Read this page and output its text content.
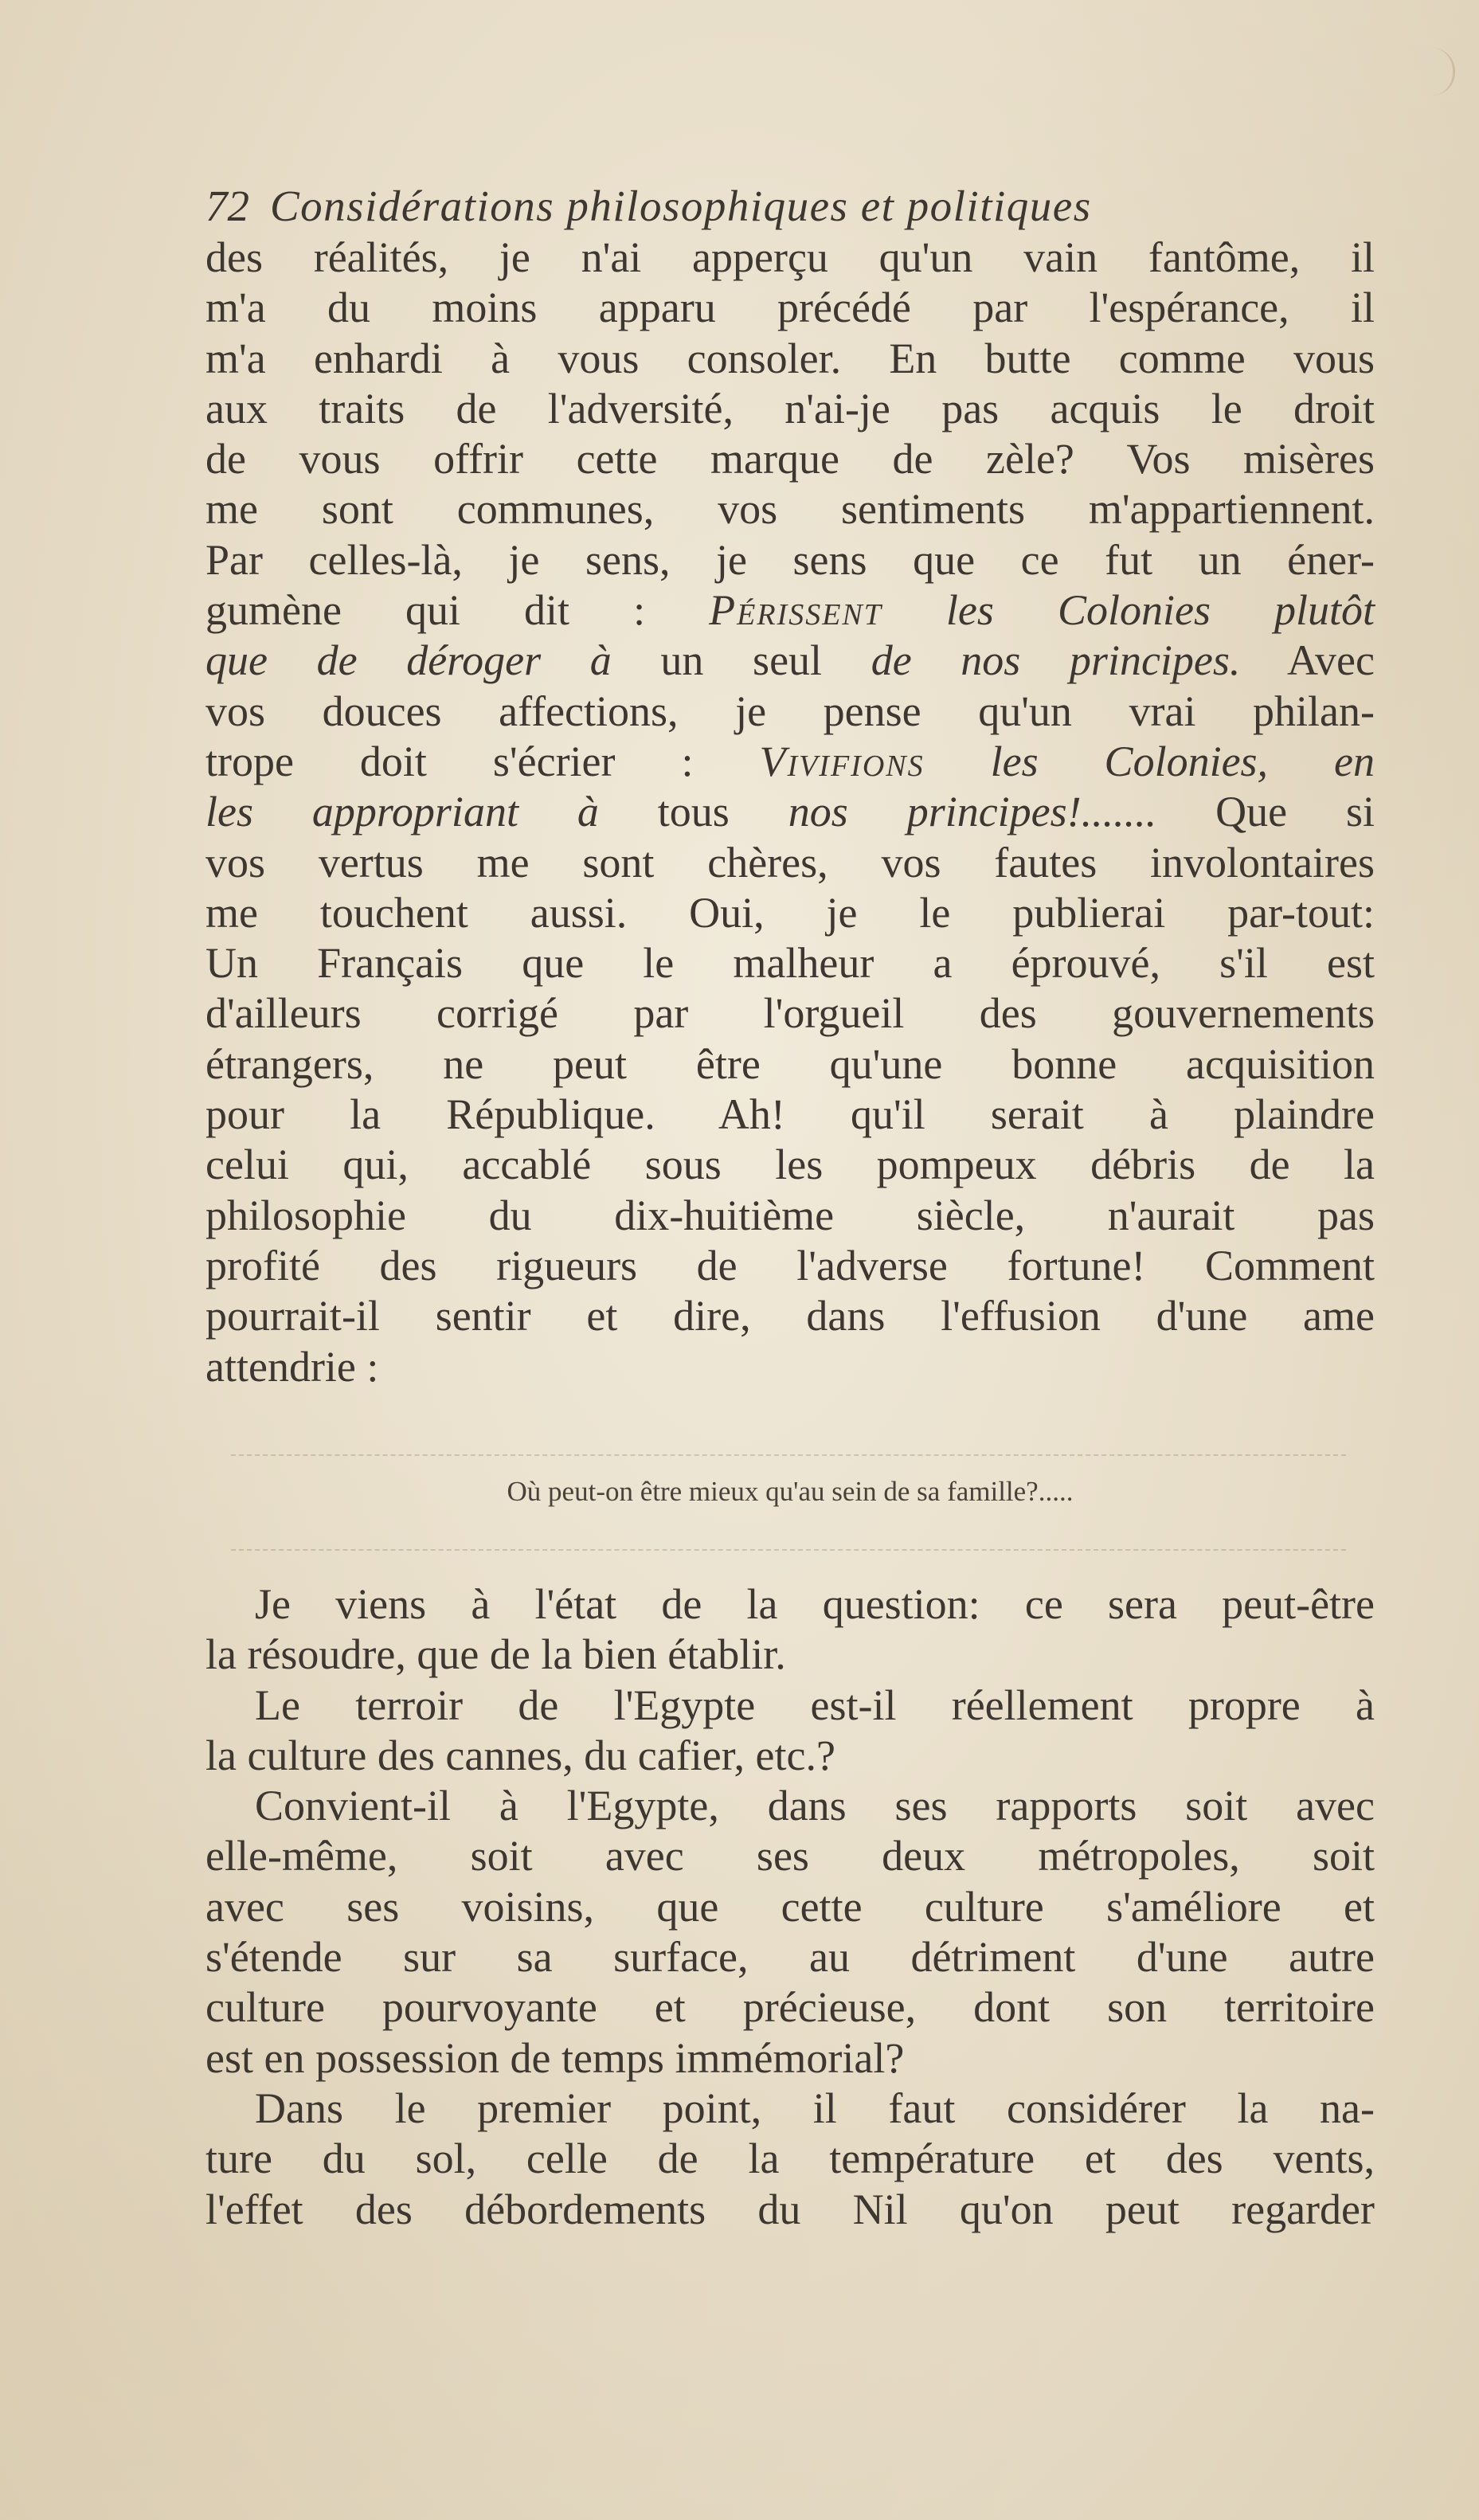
72 Considérations philosophiques et politiques
des réalités, je n'ai apperçu qu'un vain fantôme, il
m'a du moins apparu précédé par l'espérance, il
m'a enhardi à vous consoler. En butte comme vous
aux traits de l'adversité, n'ai-je pas acquis le droit
de vous offrir cette marque de zèle? Vos misères
me sont communes, vos sentiments m'appartiennent.
Par celles-là, je sens, je sens que ce fut un éner-
gumène qui dit : Périssent les Colonies plutôt
que de déroger à un seul de nos principes. Avec
vos douces affections, je pense qu'un vrai philan-
trope doit s'écrier : Vivifions les Colonies, en
les appropriant à tous nos principes!....... Que si
vos vertus me sont chères, vos fautes involontaires
me touchent aussi. Oui, je le publierai par-tout:
Un Français que le malheur a éprouvé, s'il est
d'ailleurs corrigé par l'orgueil des gouvernements
étrangers, ne peut être qu'une bonne acquisition
pour la République. Ah! qu'il serait à plaindre
celui qui, accablé sous les pompeux débris de la
philosophie du dix-huitième siècle, n'aurait pas
profité des rigueurs de l'adverse fortune! Comment
pourrait-il sentir et dire, dans l'effusion d'une ame
attendrie :
Où peut-on être mieux qu'au sein de sa famille?.....
Je viens à l'état de la question: ce sera peut-être
la résoudre, que de la bien établir.
Le terroir de l'Egypte est-il réellement propre à
la culture des cannes, du cafier, etc.?
Convient-il à l'Egypte, dans ses rapports soit avec
elle-même, soit avec ses deux métropoles, soit
avec ses voisins, que cette culture s'améliore et
s'étende sur sa surface, au détriment d'une autre
culture pourvoyante et précieuse, dont son territoire
est en possession de temps immémorial?
Dans le premier point, il faut considérer la na-
ture du sol, celle de la température et des vents,
l'effet des débordements du Nil qu'on peut regarder
